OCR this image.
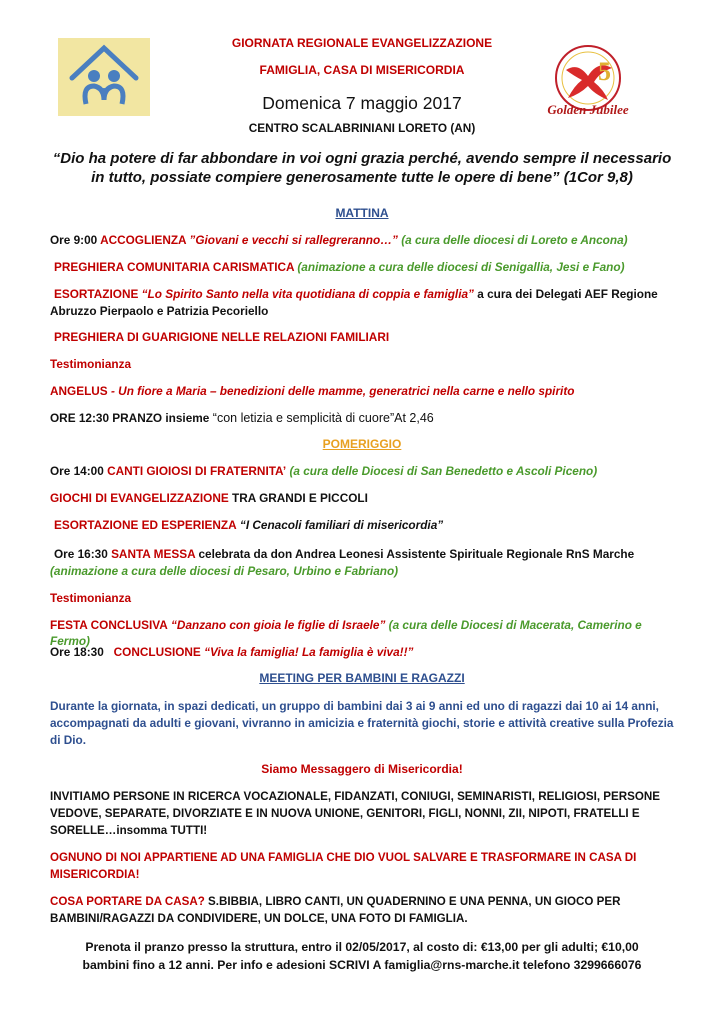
5
Golden Jubilee
GIORNATA REGIONALE EVANGELIZZAZIONE
FAMIGLIA, CASA DI MISERICORDIA
Domenica 7 maggio 2017
CENTRO SCALABRINIANI LORETO (AN)
“Dio ha potere di far abbondare in voi ogni grazia perché, avendo sempre il necessario in tutto, possiate compiere generosamente tutte le opere di bene” (1Cor 9,8)
MATTINA
Ore 9:00 ACCOGLIENZA ”Giovani e vecchi si rallegreranno…” (a cura delle diocesi di Loreto e Ancona)
PREGHIERA COMUNITARIA CARISMATICA (animazione a cura delle diocesi di Senigallia, Jesi e Fano)
ESORTAZIONE “Lo Spirito Santo nella vita quotidiana di coppia e famiglia” a cura dei Delegati AEF Regione
Abruzzo Pierpaolo e Patrizia Pecoriello
PREGHIERA DI GUARIGIONE NELLE RELAZIONI FAMILIARI
Testimonianza
ANGELUS - Un fiore a Maria – benedizioni delle mamme, generatrici nella carne e nello spirito
ORE 12:30 PRANZO insieme “con letizia e semplicità di cuore”At 2,46
POMERIGGIO
Ore 14:00 CANTI GIOIOSI DI FRATERNITA’ (a cura delle Diocesi di San Benedetto e Ascoli Piceno)
GIOCHI DI EVANGELIZZAZIONE TRA GRANDI E PICCOLI
ESORTAZIONE ED ESPERIENZA “I Cenacoli familiari di misericordia”
Ore 16:30 SANTA MESSA celebrata da don Andrea Leonesi Assistente Spirituale Regionale RnS Marche
(animazione a cura delle diocesi di Pesaro, Urbino e Fabriano)
Testimonianza
FESTA CONCLUSIVA “Danzano con gioia le figlie di Israele” (a cura delle Diocesi di Macerata, Camerino e Fermo)
Ore 18:30 CONCLUSIONE “Viva la famiglia! La famiglia è viva!!”
MEETING PER BAMBINI E RAGAZZI
Durante la giornata, in spazi dedicati, un gruppo di bambini dai 3 ai 9 anni ed uno di ragazzi dai 10 ai 14 anni,
accompagnati da adulti e giovani, vivranno in amicizia e fraternità giochi, storie e attività creative sulla Profezia
di Dio.
Siamo Messaggero di Misericordia!
INVITIAMO PERSONE IN RICERCA VOCAZIONALE, FIDANZATI, CONIUGI, SEMINARISTI, RELIGIOSI, PERSONE
VEDOVE, SEPARATE, DIVORZIATE E IN NUOVA UNIONE, GENITORI, FIGLI, NONNI, ZII, NIPOTI, FRATELLI E
SORELLE…insomma TUTTI!
OGNUNO DI NOI APPARTIENE AD UNA FAMIGLIA CHE DIO VUOL SALVARE E TRASFORMARE IN CASA DI
MISERICORDIA!
COSA PORTARE DA CASA? S.BIBBIA, LIBRO CANTI, UN QUADERNINO E UNA PENNA, UN GIOCO PER
BAMBINI/RAGAZZI DA CONDIVIDERE, UN DOLCE, UNA FOTO DI FAMIGLIA.
Prenota il pranzo presso la struttura, entro il 02/05/2017, al costo di: €13,00 per gli adulti; €10,00
bambini fino a 12 anni. Per info e adesioni SCRIVI A famiglia@rns-marche.it telefono 3299666076
